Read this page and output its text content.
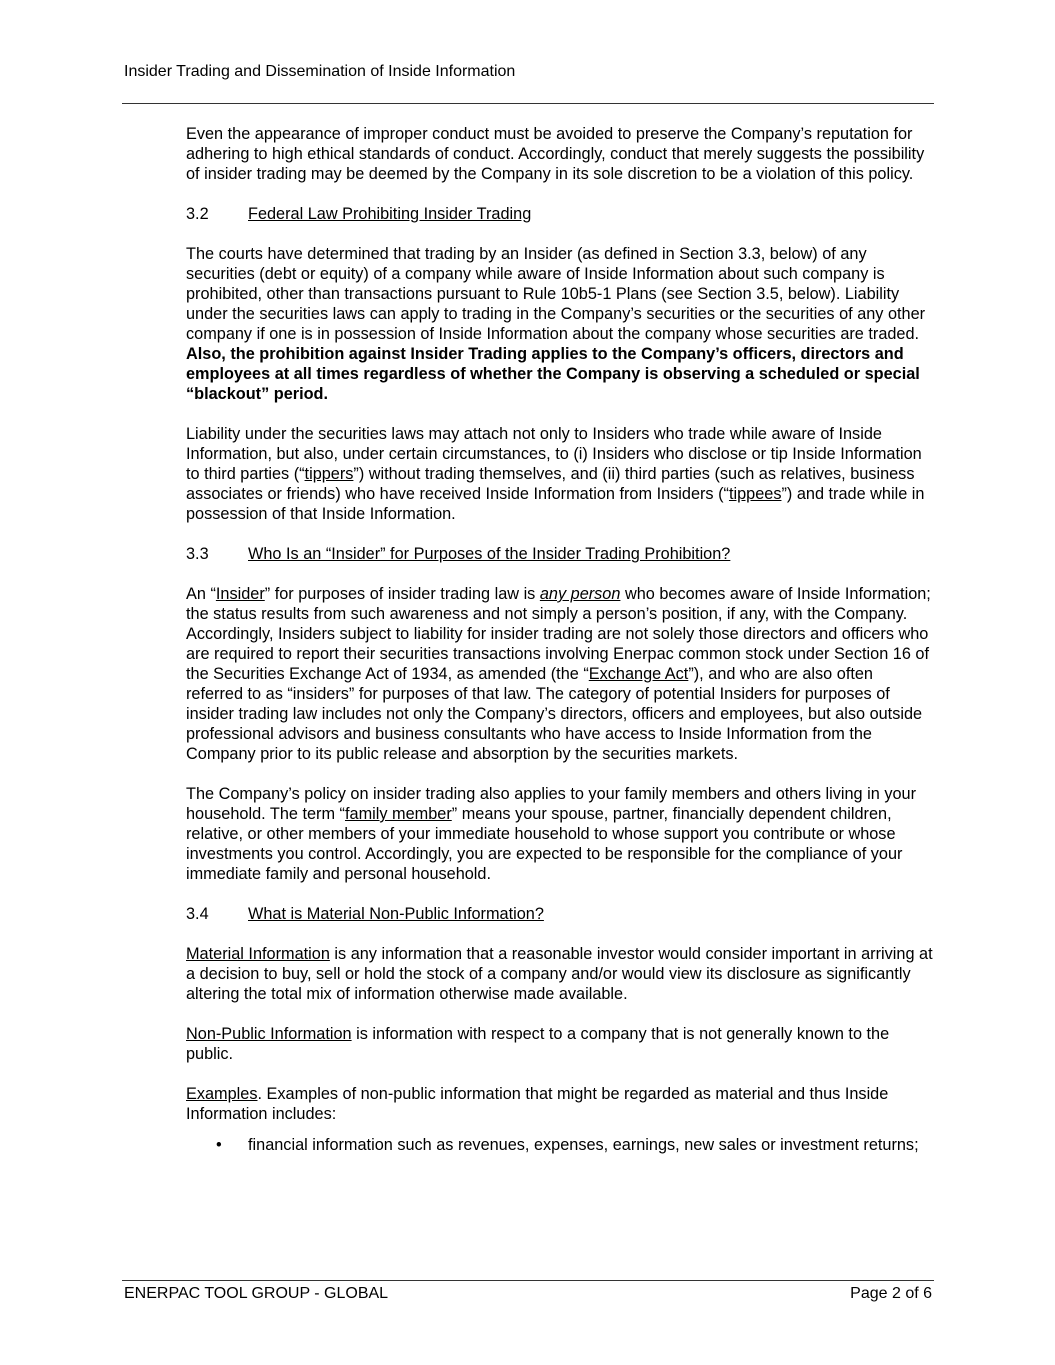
Insider Trading and Dissemination of Inside Information

Even the appearance of improper conduct must be avoided to preserve the Company’s reputation for adhering to high ethical standards of conduct. Accordingly, conduct that merely suggests the possibility of insider trading may be deemed by the Company in its sole discretion to be a violation of this policy.

3.2	Federal Law Prohibiting Insider Trading

The courts have determined that trading by an Insider (as defined in Section 3.3, below) of any securities (debt or equity) of a company while aware of Inside Information about such company is prohibited, other than transactions pursuant to Rule 10b5-1 Plans (see Section 3.5, below). Liability under the securities laws can apply to trading in the Company’s securities or the securities of any other company if one is in possession of Inside Information about the company whose securities are traded. Also, the prohibition against Insider Trading applies to the Company’s officers, directors and employees at all times regardless of whether the Company is observing a scheduled or special “blackout” period.

Liability under the securities laws may attach not only to Insiders who trade while aware of Inside Information, but also, under certain circumstances, to (i) Insiders who disclose or tip Inside Information to third parties (“tippers”) without trading themselves, and (ii) third parties (such as relatives, business associates or friends) who have received Inside Information from Insiders (“tippees”) and trade while in possession of that Inside Information.

3.3	Who Is an “Insider” for Purposes of the Insider Trading Prohibition?

An “Insider” for purposes of insider trading law is any person who becomes aware of Inside Information; the status results from such awareness and not simply a person’s position, if any, with the Company. Accordingly, Insiders subject to liability for insider trading are not solely those directors and officers who are required to report their securities transactions involving Enerpac common stock under Section 16 of the Securities Exchange Act of 1934, as amended (the “Exchange Act”), and who are also often referred to as “insiders” for purposes of that law. The category of potential Insiders for purposes of insider trading law includes not only the Company’s directors, officers and employees, but also outside professional advisors and business consultants who have access to Inside Information from the Company prior to its public release and absorption by the securities markets.

The Company’s policy on insider trading also applies to your family members and others living in your household. The term “family member” means your spouse, partner, financially dependent children, relative, or other members of your immediate household to whose support you contribute or whose investments you control. Accordingly, you are expected to be responsible for the compliance of your immediate family and personal household.

3.4	What is Material Non-Public Information?

Material Information is any information that a reasonable investor would consider important in arriving at a decision to buy, sell or hold the stock of a company and/or would view its disclosure as significantly altering the total mix of information otherwise made available.

Non-Public Information is information with respect to a company that is not generally known to the public.

Examples. Examples of non-public information that might be regarded as material and thus Inside Information includes:

•	financial information such as revenues, expenses, earnings, new sales or investment returns;
ENERPAC TOOL GROUP - GLOBAL	Page 2 of 6
